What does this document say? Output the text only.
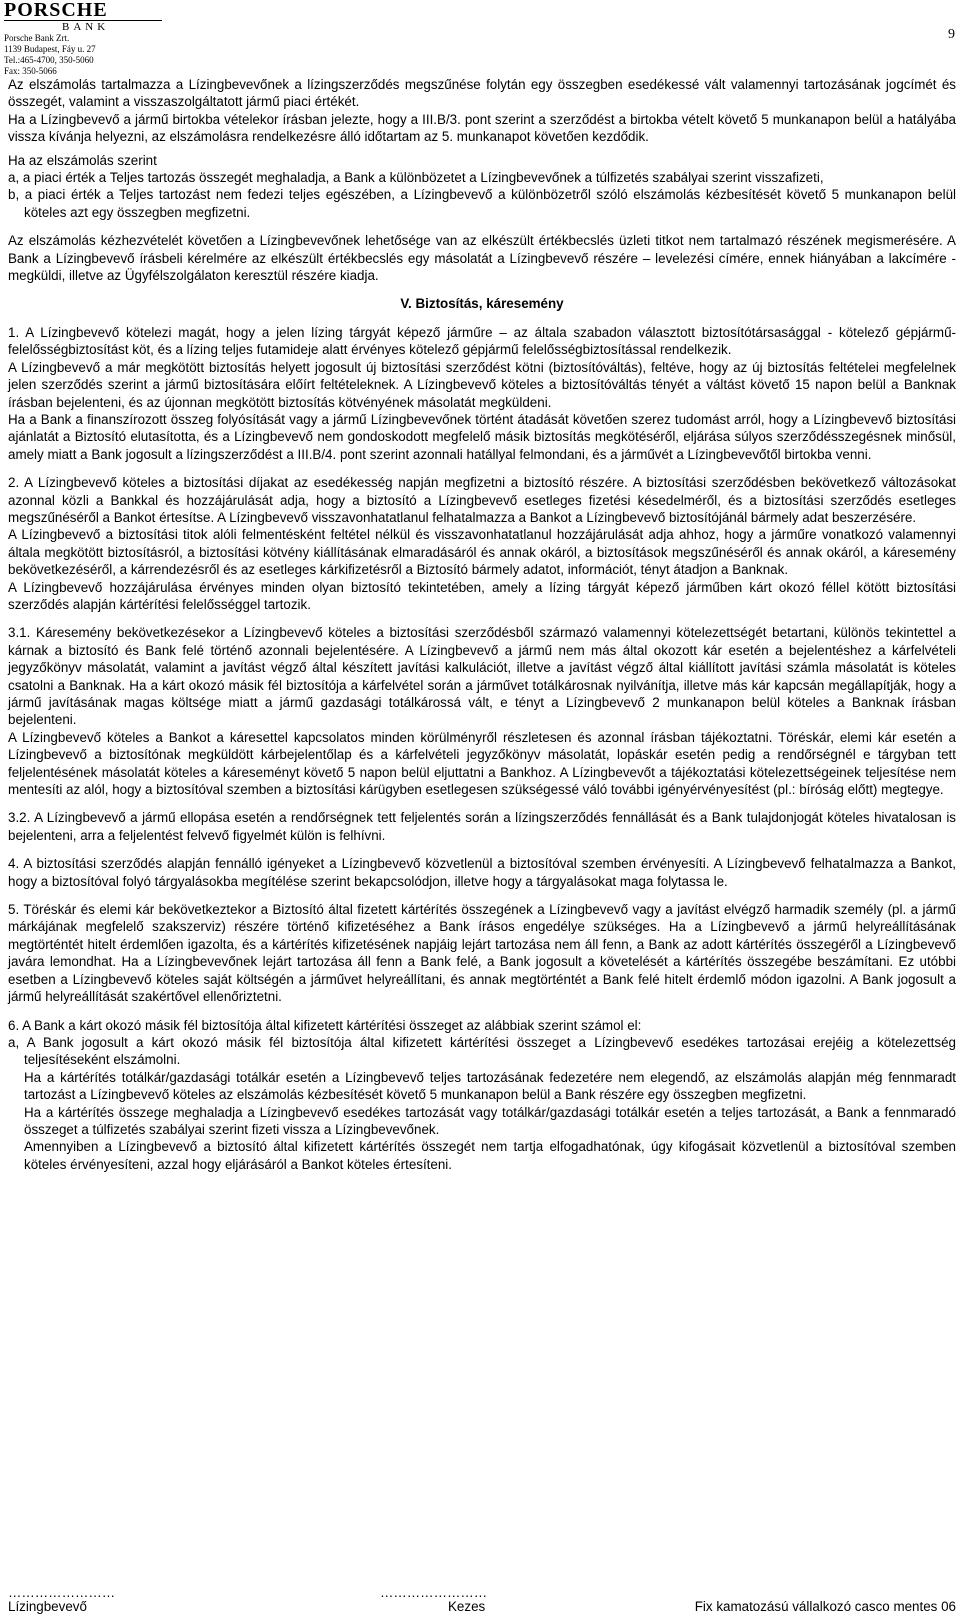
PORSCHE
BANK
Porsche Bank Zrt.
1139 Budapest, Fáy u. 27
Tel.:465-4700, 350-5060
Fax: 350-5066
9

Az elszámolás tartalmazza a Lízingbevevőnek a lízingszerződés megszűnése folytán egy összegben esedékessé vált valamennyi tartozásának jogcímét és összegét, valamint a visszaszolgáltatott jármű piaci értékét.

Ha a Lízingbevevő a jármű birtokba vételekor írásban jelezte, hogy a III.B/3. pont szerint a szerződést a birtokba vételt követő 5 munkanapon belül a hatályába vissza kívánja helyezni, az elszámolásra rendelkezésre álló időtartam az 5. munkanapot követően kezdődik.

Ha az elszámolás szerint

a, a piaci érték a Teljes tartozás összegét meghaladja, a Bank a különbözetet a Lízingbevevőnek a túlfizetés szabályai szerint visszafizeti,

b, a piaci érték a Teljes tartozást nem fedezi teljes egészében, a Lízingbevevő a különbözetről szóló elszámolás kézbesítését követő 5 munkanapon belül köteles azt egy összegben megfizetni.

Az elszámolás kézhezvételét követően a Lízingbevevőnek lehetősége van az elkészült értékbecslés üzleti titkot nem tartalmazó részének megismerésére. A Bank a Lízingbevevő írásbeli kérelmére az elkészült értékbecslés egy másolatát a Lízingbevevő részére – levelezési címére, ennek hiányában a lakcímére - megküldi, illetve az Ügyfélszolgálaton keresztül részére kiadja.

V. Biztosítás, káresemény

1. A Lízingbevevő kötelezi magát, hogy a jelen lízing tárgyát képező járműre – az általa szabadon választott biztosítótársasággal - kötelező gépjármű-felelősségbiztosítást köt, és a lízing teljes futamideje alatt érvényes kötelező gépjármű felelősségbiztosítással rendelkezik.

A Lízingbevevő a már megkötött biztosítás helyett jogosult új biztosítási szerződést kötni (biztosítóváltás), feltéve, hogy az új biztosítás feltételei megfelelnek jelen szerződés szerint a jármű biztosítására előírt feltételeknek. A Lízingbevevő köteles a biztosítóváltás tényét a váltást követő 15 napon belül a Banknak írásban bejelenteni, és az újonnan megkötött biztosítás kötvényének másolatát megküldeni.

Ha a Bank a finanszírozott összeg folyósítását vagy a jármű Lízingbevevőnek történt átadását követően szerez tudomást arról, hogy a Lízingbevevő biztosítási ajánlatát a Biztosító elutasította, és a Lízingbevevő nem gondoskodott megfelelő másik biztosítás megkötéséről, eljárása súlyos szerződésszegésnek minősül, amely miatt a Bank jogosult a lízingszerződést a III.B/4. pont szerint azonnali hatállyal felmondani, és a járművét a Lízingbevevőtől birtokba venni.

2. A Lízingbevevő köteles a biztosítási díjakat az esedékesség napján megfizetni a biztosító részére. A biztosítási szerződésben bekövetkező változásokat azonnal közli a Bankkal és hozzájárulását adja, hogy a biztosító a Lízingbevevő esetleges fizetési késedelméről, és a biztosítási szerződés esetleges megszűnéséről a Bankot értesítse. A Lízingbevevő visszavonhatatlanul felhatalmazza a Bankot a Lízingbevevő biztosítójánál bármely adat beszerzésére.

A Lízingbevevő a biztosítási titok alóli felmentésként feltétel nélkül és visszavonhatatlanul hozzájárulását adja ahhoz, hogy a járműre vonatkozó valamennyi általa megkötött biztosításról, a biztosítási kötvény kiállításának elmaradásáról és annak okáról, a biztosítások megszűnéséről és annak okáról, a káresemény bekövetkezéséről, a kárrendezésről és az esetleges kárkifizetésről a Biztosító bármely adatot, információt, tényt átadjon a Banknak.

A Lízingbevevő hozzájárulása érvényes minden olyan biztosító tekintetében, amely a lízing tárgyát képező járműben kárt okozó féllel kötött biztosítási szerződés alapján kártérítési felelősséggel tartozik.

3.1. Káresemény bekövetkezésekor a Lízingbevevő köteles a biztosítási szerződésből származó valamennyi kötelezettségét betartani, különös tekintettel a kárnak a biztosító és Bank felé történő azonnali bejelentésére. A Lízingbevevő a jármű nem más által okozott kár esetén a bejelentéshez a kárfelvételi jegyzőkönyv másolatát, valamint a javítást végző által készített javítási kalkulációt, illetve a javítást végző által kiállított javítási számla másolatát is köteles csatolni a Banknak. Ha a kárt okozó másik fél biztosítója a kárfelvétel során a járművet totálkárosnak nyilvánítja, illetve más kár kapcsán megállapítják, hogy a jármű javításának magas költsége miatt a jármű gazdasági totálkárossá vált, e tényt a Lízingbevevő 2 munkanapon belül köteles a Banknak írásban bejelenteni.

A Lízingbevevő köteles a Bankot a káresettel kapcsolatos minden körülményről részletesen és azonnal írásban tájékoztatni. Töréskár, elemi kár esetén a Lízingbevevő a biztosítónak megküldött kárbejelentőlap és a kárfelvételi jegyzőkönyv másolatát, lopáskár esetén pedig a rendőrségnél e tárgyban tett feljelentésének másolatát köteles a káreseményt követő 5 napon belül eljuttatni a Bankhoz. A Lízingbevevőt a tájékoztatási kötelezettségeinek teljesítése nem mentesíti az alól, hogy a biztosítóval szemben a biztosítási kárügyben esetlegesen szükségessé váló további igényérvényesítést (pl.: bíróság előtt) megtegye.

3.2. A Lízingbevevő a jármű ellopása esetén a rendőrségnek tett feljelentés során a lízingszerződés fennállását és a Bank tulajdonjogát köteles hivatalosan is bejelenteni, arra a feljelentést felvevő figyelmét külön is felhívni.

4. A biztosítási szerződés alapján fennálló igényeket a Lízingbevevő közvetlenül a biztosítóval szemben érvényesíti. A Lízingbevevő felhatalmazza a Bankot, hogy a biztosítóval folyó tárgyalásokba megítélése szerint bekapcsolódjon, illetve hogy a tárgyalásokat maga folytassa le.

5. Töréskár és elemi kár bekövetkeztekor a Biztosító által fizetett kártérítés összegének a Lízingbevevő vagy a javítást elvégző harmadik személy (pl. a jármű márkájának megfelelő szakszerviz) részére történő kifizetéséhez a Bank írásos engedélye szükséges. Ha a Lízingbevevő a jármű helyreállításának megtörténtét hitelt érdemlően igazolta, és a kártérítés kifizetésének napjáig lejárt tartozása nem áll fenn, a Bank az adott kártérítés összegéről a Lízingbevevő javára lemondhat. Ha a Lízingbevevőnek lejárt tartozása áll fenn a Bank felé, a Bank jogosult a követelését a kártérítés összegébe beszámítani. Ez utóbbi esetben a Lízingbevevő köteles saját költségén a járművet helyreállítani, és annak megtörténtét a Bank felé hitelt érdemlő módon igazolni. A Bank jogosult a jármű helyreállítását szakértővel ellenőriztetni.

6. A Bank a kárt okozó másik fél biztosítója által kifizetett kártérítési összeget az alábbiak szerint számol el:

a, A Bank jogosult a kárt okozó másik fél biztosítója által kifizetett kártérítési összeget a Lízingbevevő esedékes tartozásai erejéig a kötelezettség teljesítéseként elszámolni.

Ha a kártérítés totálkár/gazdasági totálkár esetén a Lízingbevevő teljes tartozásának fedezetére nem elegendő, az elszámolás alapján még fennmaradt tartozást a Lízingbevevő köteles az elszámolás kézbesítését követő 5 munkanapon belül a Bank részére egy összegben megfizetni.

Ha a kártérítés összege meghaladja a Lízingbevevő esedékes tartozását vagy totálkár/gazdasági totálkár esetén a teljes tartozását, a Bank a fennmaradó összeget a túlfizetés szabályai szerint fizeti vissza a Lízingbevevőnek.

Amennyiben a Lízingbevevő a biztosító által kifizetett kártérítés összegét nem tartja elfogadhatónak, úgy kifogásait közvetlenül a biztosítóval szemben köteles érvényesíteni, azzal hogy eljárásáról a Bankot köteles értesíteni.

……………………	……………………
Lízingbevevő	Kezes	Fix kamatozású vállalkozó casco mentes 06
